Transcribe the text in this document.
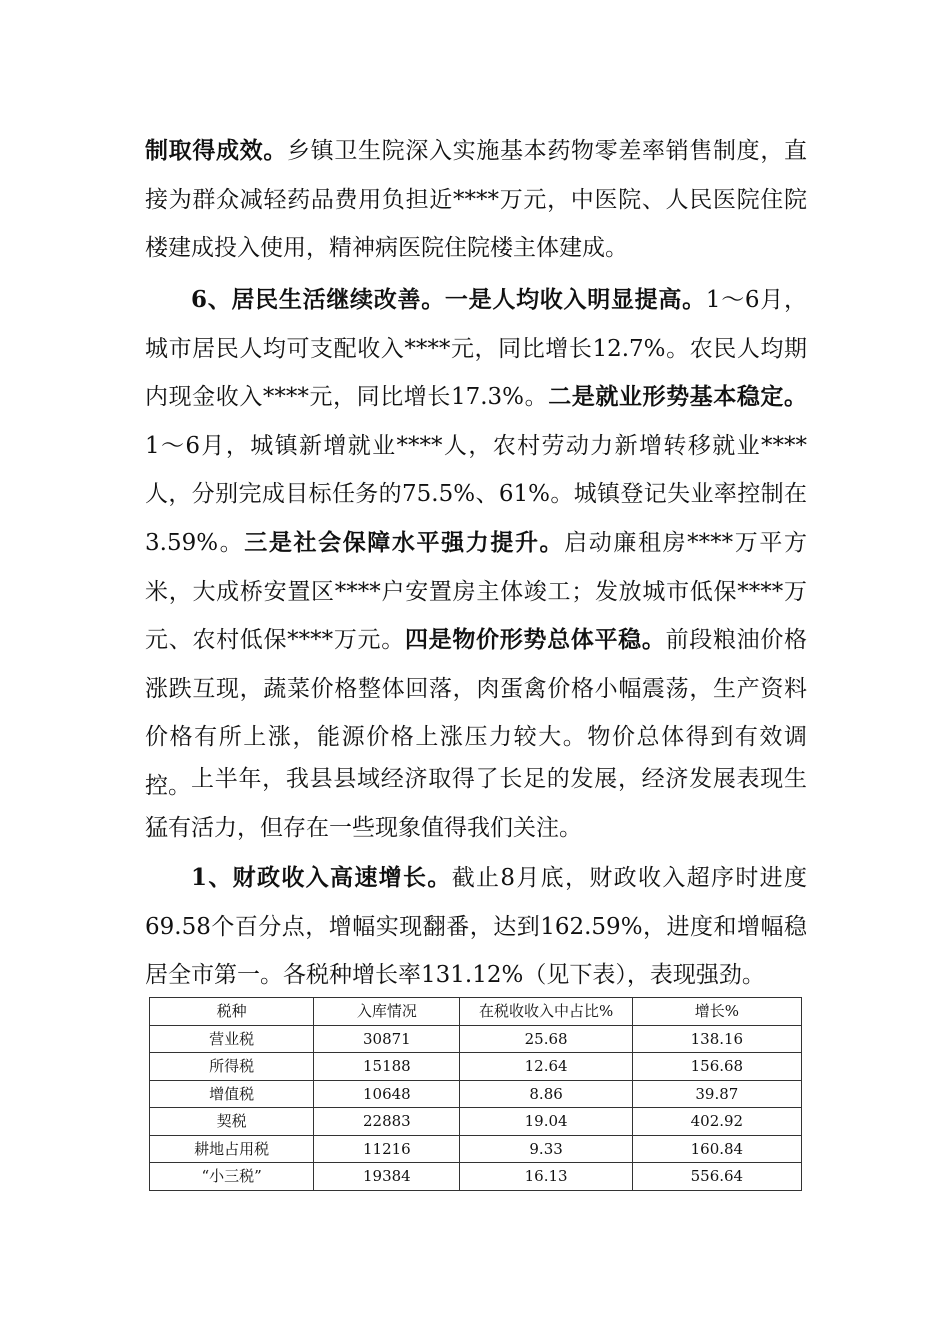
制取得成效。乡镇卫生院深入实施基本药物零差率销售制度，直接为群众减轻药品费用负担近****万元，中医院、人民医院住院楼建成投入使用，精神病医院住院楼主体建成。

6、居民生活继续改善。一是人均收入明显提高。1～6月，城市居民人均可支配收入****元，同比增长12.7%。农民人均期内现金收入****元，同比增长17.3%。二是就业形势基本稳定。1～6月，城镇新增就业****人，农村劳动力新增转移就业****人，分别完成目标任务的75.5%、61%。城镇登记失业率控制在3.59%。三是社会保障水平强力提升。启动廉租房****万平方米，大成桥安置区****户安置房主体竣工；发放城市低保****万元、农村低保****万元。四是物价形势总体平稳。前段粮油价格涨跌互现，蔬菜价格整体回落，肉蛋禽价格小幅震荡，生产资料价格有所上涨，能源价格上涨压力较大。物价总体得到有效调控。 上半年，我县县域经济取得了长足的发展，经济发展表现生猛有活力，但存在一些现象值得我们关注。

1、财政收入高速增长。截止8月底，财政收入超序时进度69.58个百分点，增幅实现翻番，达到162.59%，进度和增幅稳居全市第一。各税种增长率131.12%（见下表），表现强劲。

税种	入库情况	在税收收入中占比%	增长%
营业税	30871	25.68	138.16
所得税	15188	12.64	156.68
增值税	10648	8.86	39.87
契税	22883	19.04	402.92
耕地占用税	11216	9.33	160.84
“小三税”	19384	16.13	556.64
